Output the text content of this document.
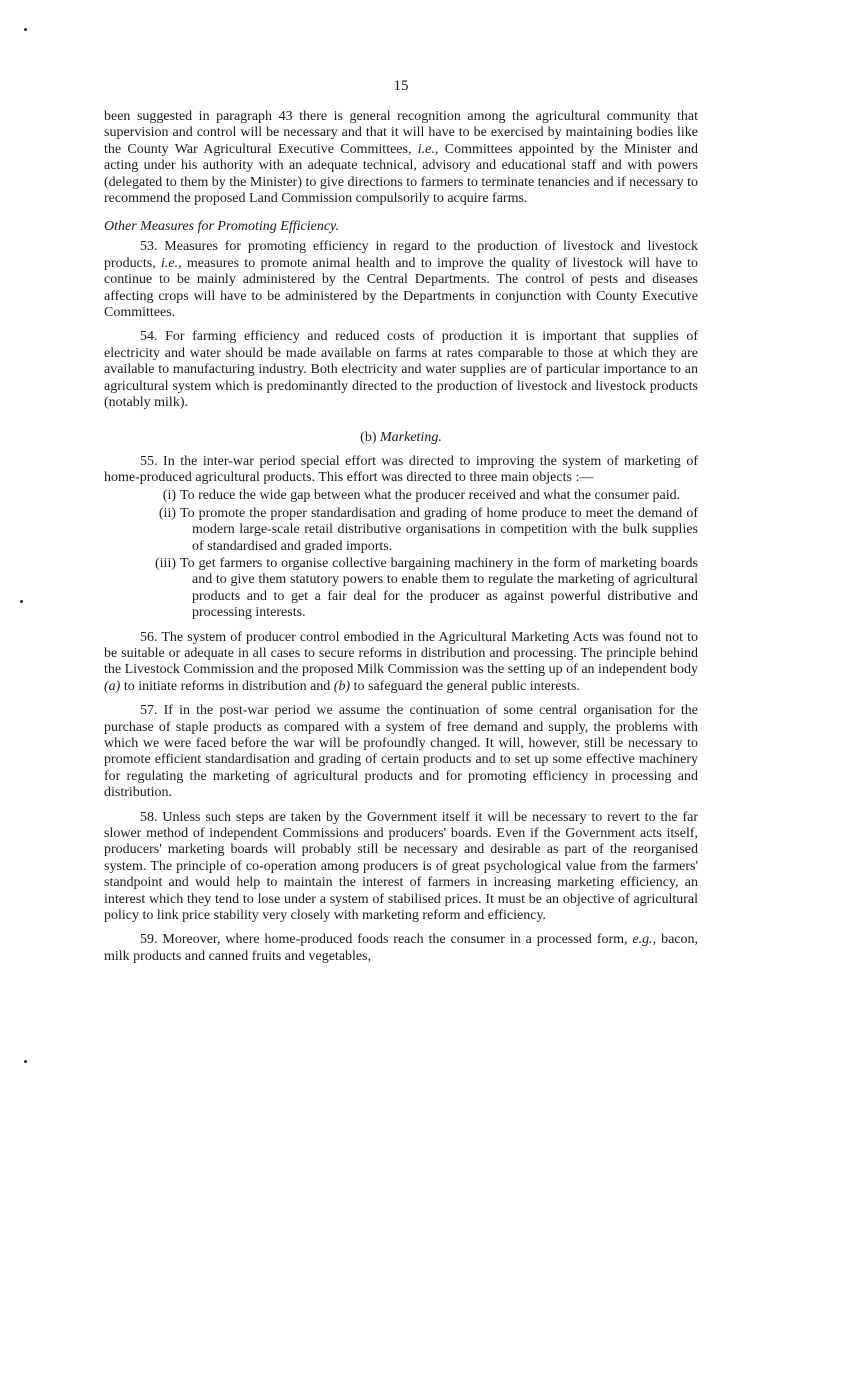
15

been suggested in paragraph 43 there is general recognition among the agricultural community that supervision and control will be necessary and that it will have to be exercised by maintaining bodies like the County War Agricultural Executive Committees, i.e., Committees appointed by the Minister and acting under his authority with an adequate technical, advisory and educational staff and with powers (delegated to them by the Minister) to give directions to farmers to terminate tenancies and if necessary to recommend the proposed Land Commission compulsorily to acquire farms.

Other Measures for Promoting Efficiency.

53. Measures for promoting efficiency in regard to the production of livestock and livestock products, i.e., measures to promote animal health and to improve the quality of livestock will have to continue to be mainly administered by the Central Departments. The control of pests and diseases affecting crops will have to be administered by the Departments in conjunction with County Executive Committees.

54. For farming efficiency and reduced costs of production it is important that supplies of electricity and water should be made available on farms at rates comparable to those at which they are available to manufacturing industry. Both electricity and water supplies are of particular importance to an agricultural system which is predominantly directed to the production of livestock and livestock products (notably milk).

(b) Marketing.

55. In the inter-war period special effort was directed to improving the system of marketing of home-produced agricultural products. This effort was directed to three main objects :—

(i) To reduce the wide gap between what the producer received and what the consumer paid.
(ii) To promote the proper standardisation and grading of home produce to meet the demand of modern large-scale retail distributive organisations in competition with the bulk supplies of standardised and graded imports.
(iii) To get farmers to organise collective bargaining machinery in the form of marketing boards and to give them statutory powers to enable them to regulate the marketing of agricultural products and to get a fair deal for the producer as against powerful distributive and processing interests.

56. The system of producer control embodied in the Agricultural Marketing Acts was found not to be suitable or adequate in all cases to secure reforms in distribution and processing. The principle behind the Livestock Commission and the proposed Milk Commission was the setting up of an independent body (a) to initiate reforms in distribution and (b) to safeguard the general public interests.

57. If in the post-war period we assume the continuation of some central organisation for the purchase of staple products as compared with a system of free demand and supply, the problems with which we were faced before the war will be profoundly changed. It will, however, still be necessary to promote efficient standardisation and grading of certain products and to set up some effective machinery for regulating the marketing of agricultural products and for promoting efficiency in processing and distribution.

58. Unless such steps are taken by the Government itself it will be necessary to revert to the far slower method of independent Commissions and producers' boards. Even if the Government acts itself, producers' marketing boards will probably still be necessary and desirable as part of the reorganised system. The principle of co-operation among producers is of great psychological value from the farmers' standpoint and would help to maintain the interest of farmers in increasing marketing efficiency, an interest which they tend to lose under a system of stabilised prices. It must be an objective of agricultural policy to link price stability very closely with marketing reform and efficiency.

59. Moreover, where home-produced foods reach the consumer in a processed form, e.g., bacon, milk products and canned fruits and vegetables,
